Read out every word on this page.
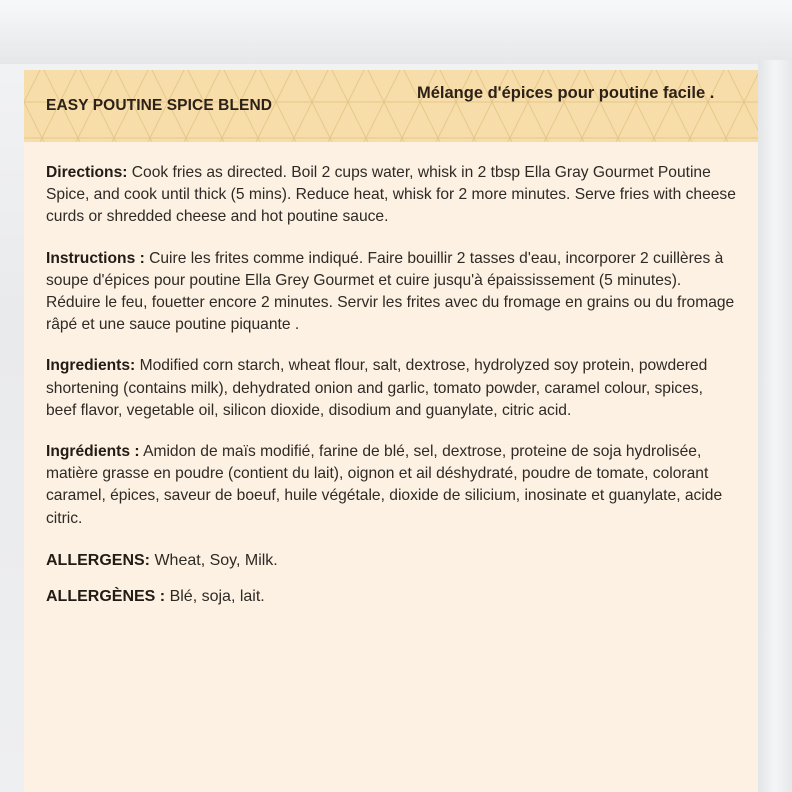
EASY POUTINE SPICE BLEND
Mélange d'épices pour poutine facile .

Directions: Cook fries as directed. Boil 2 cups water, whisk in 2 tbsp Ella Gray Gourmet Poutine Spice, and cook until thick (5 mins). Reduce heat, whisk for 2 more minutes. Serve fries with cheese curds or shredded cheese and hot poutine sauce.

Instructions : Cuire les frites comme indiqué. Faire bouillir 2 tasses d'eau, incorporer 2 cuillères à soupe d'épices pour poutine Ella Grey Gourmet et cuire jusqu'à épaississement (5 minutes). Réduire le feu, fouetter encore 2 minutes. Servir les frites avec du fromage en grains ou du fromage râpé et une sauce poutine piquante .

Ingredients: Modified corn starch, wheat flour, salt, dextrose, hydrolyzed soy protein, powdered shortening (contains milk), dehydrated onion and garlic, tomato powder, caramel colour, spices, beef flavor, vegetable oil, silicon dioxide, disodium and guanylate, citric acid.

Ingrédients : Amidon de maïs modifié, farine de blé, sel, dextrose, proteine de soja hydrolisée, matière grasse en poudre (contient du lait), oignon et ail déshydraté, poudre de tomate, colorant caramel, épices, saveur de boeuf, huile végétale, dioxide de silicium, inosinate et guanylate, acide citric.

ALLERGENS: Wheat, Soy, Milk.

ALLERGÈNES : Blé, soja, lait.
